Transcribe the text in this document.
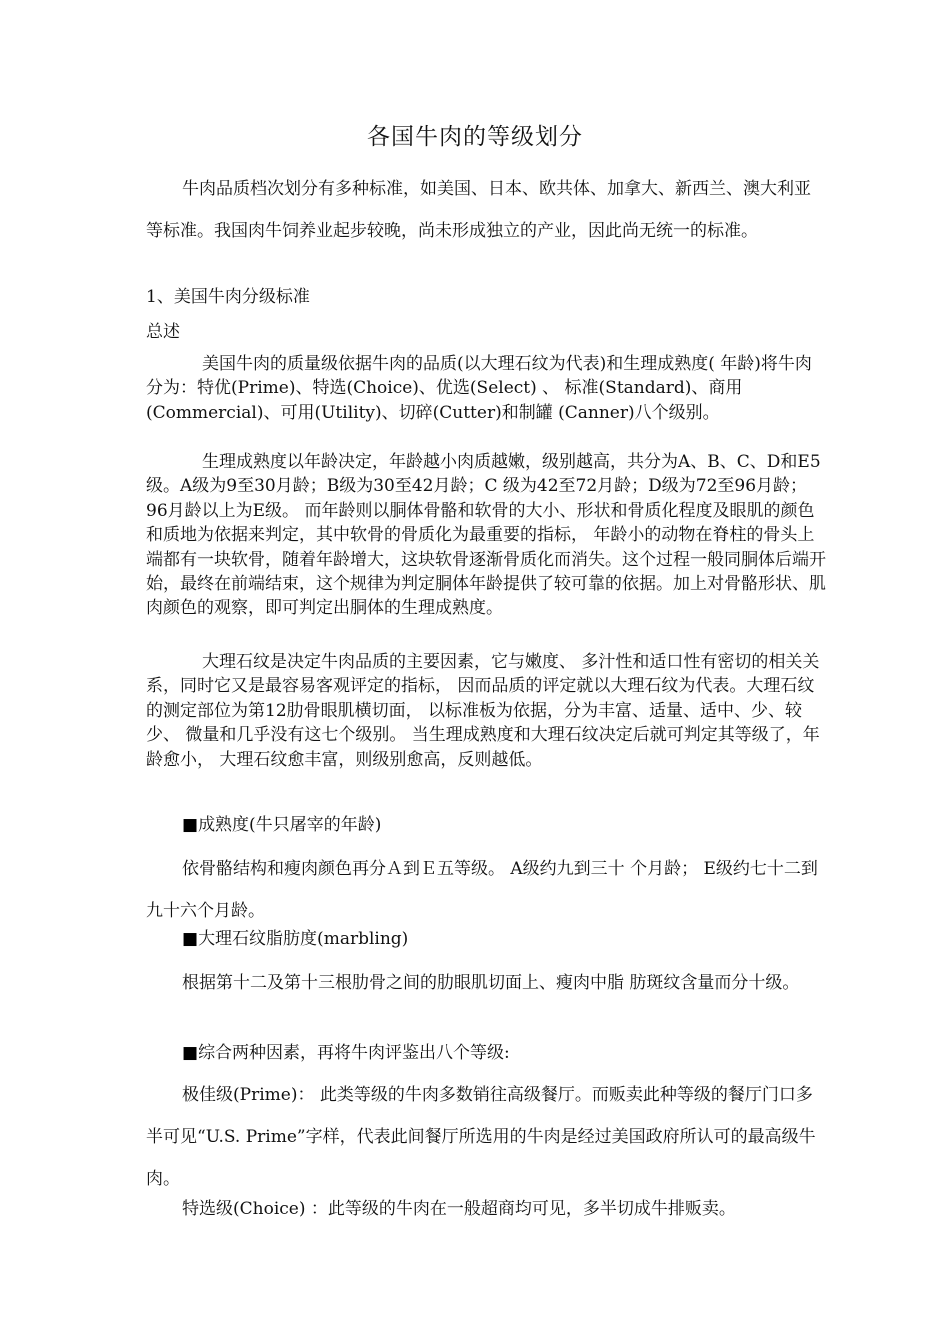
各国牛肉的等级划分

牛肉品质档次划分有多种标准，如美国、日本、欧共体、加拿大、新西兰、澳大利亚等标准。我国肉牛饲养业起步较晚，尚未形成独立的产业，因此尚无统一的标准。

1、美国牛肉分级标准

总述

美国牛肉的质量级依据牛肉的品质(以大理石纹为代表)和生理成熟度( 年龄)将牛肉分为：特优(Prime)、特选(Choice)、优选(Select) 、 标准(Standard)、商用(Commercial)、可用(Utility)、切碎(Cutter)和制罐 (Canner)八个级别。

生理成熟度以年龄决定，年龄越小肉质越嫩，级别越高，共分为A、B、C、D和E5级。A级为9至30月龄；B级为30至42月龄；C 级为42至72月龄；D级为72至96月龄；96月龄以上为E级。 而年龄则以胴体骨骼和软骨的大小、形状和骨质化程度及眼肌的颜色和质地为依据来判定，其中软骨的骨质化为最重要的指标， 年龄小的动物在脊柱的骨头上端都有一块软骨，随着年龄增大，这块软骨逐渐骨质化而消失。这个过程一般同胴体后端开始，最终在前端结束，这个规律为判定胴体年龄提供了较可靠的依据。加上对骨骼形状、肌肉颜色的观察，即可判定出胴体的生理成熟度。

大理石纹是决定牛肉品质的主要因素，它与嫩度、 多汁性和适口性有密切的相关关系，同时它又是最容易客观评定的指标， 因而品质的评定就以大理石纹为代表。大理石纹的测定部位为第12肋骨眼肌横切面， 以标准板为依据，分为丰富、适量、适中、少、较少、 微量和几乎没有这七个级别。 当生理成熟度和大理石纹决定后就可判定其等级了，年龄愈小， 大理石纹愈丰富，则级别愈高，反则越低。

■成熟度(牛只屠宰的年龄)

依骨骼结构和瘦肉颜色再分Ａ到Ｅ五等级。 A级约九到三十 个月龄； E级约七十二到九十六个月龄。

■大理石纹脂肪度(marbling)

根据第十二及第十三根肋骨之间的肋眼肌切面上、瘦肉中脂 肪斑纹含量而分十级。

■综合两种因素，再将牛肉评鉴出八个等级:

极佳级(Prime)： 此类等级的牛肉多数销往高级餐厅。而贩卖此种等级的餐厅门口多半可见“U.S. Prime”字样，代表此间餐厅所选用的牛肉是经过美国政府所认可的最高级牛肉。

特选级(Choice) ：此等级的牛肉在一般超商均可见，多半切成牛排贩卖。
